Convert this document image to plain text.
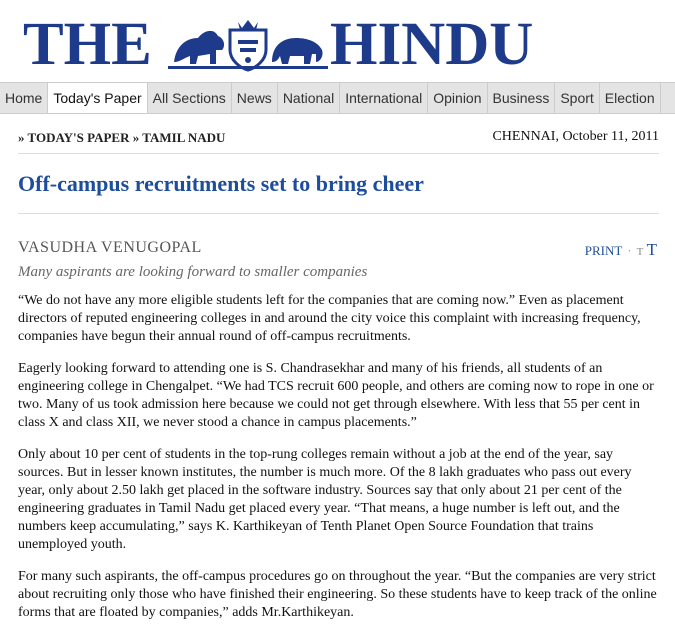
THE	HINDU
Home Today's Paper All Sections News National International Opinion Business Sport Election
» TODAY'S PAPER » TAMIL NADU	CHENNAI, October 11, 2011
Off-campus recruitments set to bring cheer
VASUDHA VENUGOPAL	PRINT · T T
Many aspirants are looking forward to smaller companies

“We do not have any more eligible students left for the companies that are coming now.” Even as placement directors of reputed engineering colleges in and around the city voice this complaint with increasing frequency, companies have begun their annual round of off-campus recruitments.

Eagerly looking forward to attending one is S. Chandrasekhar and many of his friends, all students of an engineering college in Chengalpet. “We had TCS recruit 600 people, and others are coming now to rope in one or two. Many of us took admission here because we could not get through elsewhere. With less that 55 per cent in class X and class XII, we never stood a chance in campus placements.”

Only about 10 per cent of students in the top-rung colleges remain without a job at the end of the year, say sources. But in lesser known institutes, the number is much more. Of the 8 lakh graduates who pass out every year, only about 2.50 lakh get placed in the software industry. Sources say that only about 21 per cent of the engineering graduates in Tamil Nadu get placed every year. “That means, a huge number is left out, and the numbers keep accumulating,” says K. Karthikeyan of Tenth Planet Open Source Foundation that trains unemployed youth.

For many such aspirants, the off-campus procedures go on throughout the year. “But the companies are very strict about recruiting only those who have finished their engineering. So these students have to keep track of the online forms that are floated by companies,” adds Mr.Karthikeyan.
